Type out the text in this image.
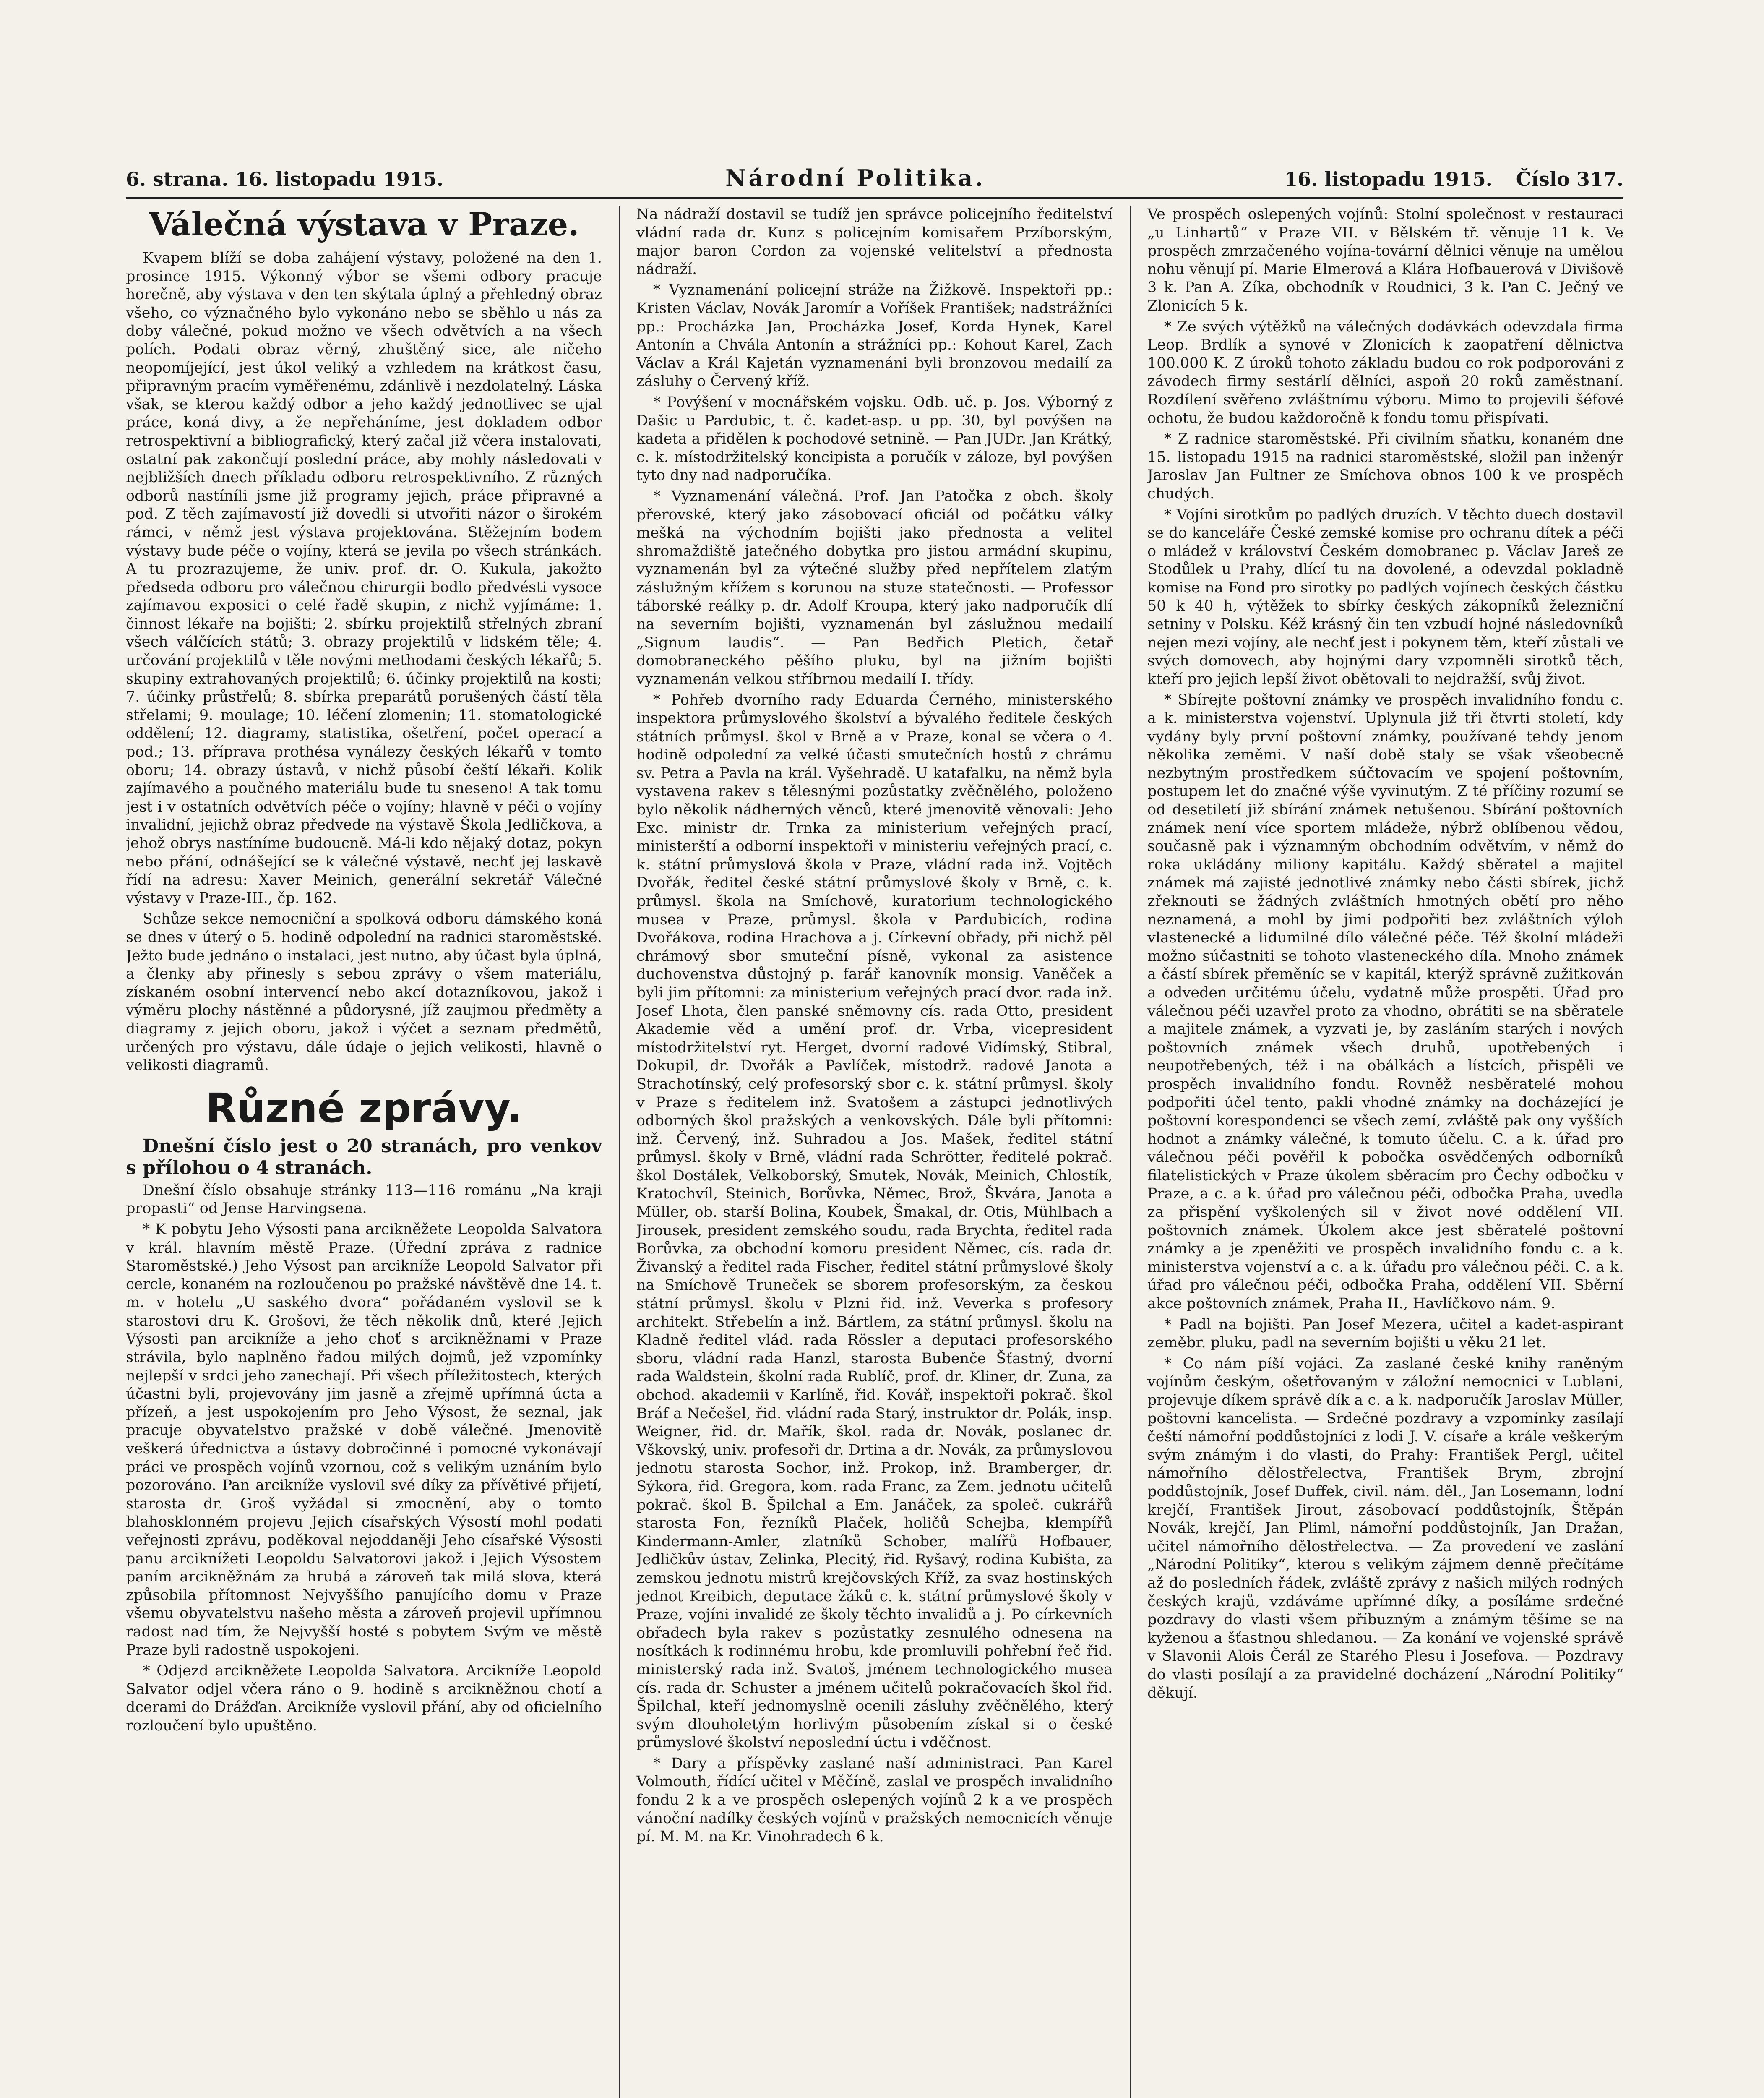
6. strana. 16. listopadu 1915.	Národní Politika.	16. listopadu 1915. Číslo 317.
Válečná výstava v Praze.

Kvapem blíží se doba zahájení výstavy, položené na den 1. prosince 1915. Výkonný výbor se všemi odbory pracuje horečně, aby výstava v den ten skýtala úplný a přehledný obraz všeho, co význačného bylo vykonáno nebo se sběhlo u nás za doby válečné, pokud možno ve všech odvětvích a na všech polích. Podati obraz věrný, zhuštěný sice, ale ničeho neopomíjející, jest úkol veliký a vzhledem na krátkost času, připravným pracím vyměřenému, zdánlivě i nezdolatelný. Láska však, se kterou každý odbor a jeho každý jednotlivec se ujal práce, koná divy, a že nepřeháníme, jest dokladem odbor retrospektivní a bibliografický, který začal již včera instalovati, ostatní pak zakončují poslední práce, aby mohly následovati v nejbližších dnech příkladu odboru retrospektivního. Z různých odborů nastíníli jsme již programy jejich, práce připravné a pod. Z těch zajímavostí již dovedli si utvořiti názor o širokém rámci, v němž jest výstava projektována. Stěžejním bodem výstavy bude péče o vojíny, která se jevila po všech stránkách. A tu prozrazujeme, že univ. prof. dr. O. Kukula, jakožto předseda odboru pro válečnou chirurgii bodlo předvésti vysoce zajímavou exposici o celé řadě skupin, z nichž vyjímáme: 1. činnost lékaře na bojišti; 2. sbírku projektilů střelných zbraní všech válčících států; 3. obrazy projektilů v lidském těle; 4. určování projektilů v těle novými methodami českých lékařů; 5. skupiny extrahovaných projektilů; 6. účinky projektilů na kosti; 7. účinky průstřelů; 8. sbírka preparátů porušených částí těla střelami; 9. moulage; 10. léčení zlomenin; 11. stomatologické oddělení; 12. diagramy, statistika, ošetření, počet operací a pod.; 13. příprava prothésa vynálezy českých lékařů v tomto oboru; 14. obrazy ústavů, v nichž působí čeští lékaři. Kolik zajímavého a poučného materiálu bude tu sneseno! A tak tomu jest i v ostatních odvětvích péče o vojíny; hlavně v péči o vojíny invalidní, jejichž obraz předvede na výstavě Škola Jedličkova, a jehož obrys nastíníme budoucně. Má-li kdo nějaký dotaz, pokyn nebo přání, odnášející se k válečné výstavě, nechť jej laskavě řídí na adresu: Xaver Meinich, generální sekretář Válečné výstavy v Praze-III., čp. 162.

Schůze sekce nemocniční a spolková odboru dámského koná se dnes v úterý o 5. hodině odpolední na radnici staroměstské. Ježto bude jednáno o instalaci, jest nutno, aby účast byla úplná, a členky aby přinesly s sebou zprávy o všem materiálu, získaném osobní intervencí nebo akcí dotazníkovou, jakož i výměru plochy nástěnné a půdorysné, jíž zaujmou předměty a diagramy z jejich oboru, jakož i výčet a seznam předmětů, určených pro výstavu, dále údaje o jejich velikosti, hlavně o velikosti diagramů.

Různé zprávy.

Dnešní číslo jest o 20 stranách, pro venkov s přílohou o 4 stranách.

Dnešní číslo obsahuje stránky 113—116 románu „Na kraji propasti“ od Jense Harvingsena.

* K pobytu Jeho Výsosti pana arcikněžete Leopolda Salvatora v král. hlavním městě Praze. (Úřední zpráva z radnice Staroměstské.) Jeho Výsost pan arcikníže Leopold Salvator při cercle, konaném na rozloučenou po pražské návštěvě dne 14. t. m. v hotelu „U saského dvora“ pořádaném vyslovil se k starostovi dru K. Grošovi, že těch několik dnů, které Jejich Výsosti pan arcikníže a jeho choť s arcikněžnami v Praze strávila, bylo naplněno řadou milých dojmů, jež vzpomínky nejlepší v srdci jeho zanechají. Při všech příležitostech, kterých účastni byli, projevovány jim jasně a zřejmě upřímná úcta a přízeň, a jest uspokojením pro Jeho Výsost, že seznal, jak pracuje obyvatelstvo pražské v době válečné. Jmenovitě veškerá úřednictva a ústavy dobročinné i pomocné vykonávají práci ve prospěch vojínů vzornou, což s velikým uznáním bylo pozorováno. Pan arcikníže vyslovil své díky za přívětivé přijetí, starosta dr. Groš vyžádal si zmocnění, aby o tomto blahosklonném projevu Jejich císařských Výsostí mohl podati veřejnosti zprávu, poděkoval nejoddaněji Jeho císařské Výsosti panu arciknížeti Leopoldu Salvatorovi jakož i Jejich Výsostem paním arcikněžnám za hrubá a zároveň tak milá slova, která způsobila přítomnost Nejvyššího panujícího domu v Praze všemu obyvatelstvu našeho města a zároveň projevil upřímnou radost nad tím, že Nejvyšší hosté s pobytem Svým ve městě Praze byli radostně uspokojeni.

* Odjezd arcikněžete Leopolda Salvatora. Arcikníže Leopold Salvator odjel včera ráno o 9. hodině s arcikněžnou chotí a dcerami do Drážďan. Arcikníže vyslovil přání, aby od oficielního rozloučení bylo upuštěno.

Na nádraží dostavil se tudíž jen správce policejního ředitelství vládní rada dr. Kunz s policejním komisařem Przíborským, major baron Cordon za vojenské velitelství a přednosta nádraží.

* Vyznamenání policejní stráže na Žižkově. Inspektoři pp.: Kristen Václav, Novák Jaromír a Voříšek František; nadstrážníci pp.: Procházka Jan, Procházka Josef, Korda Hynek, Karel Antonín a Chvála Antonín a strážníci pp.: Kohout Karel, Zach Václav a Král Kajetán vyznamenáni byli bronzovou medailí za zásluhy o Červený kříž.

* Povýšení v mocnářském vojsku. Odb. uč. p. Jos. Výborný z Dašic u Pardubic, t. č. kadet-asp. u pp. 30, byl povýšen na kadeta a přidělen k pochodové setnině. — Pan JUDr. Jan Krátký, c. k. místodržitelský koncipista a poručík v záloze, byl povýšen tyto dny nad nadporučíka.

* Vyznamenání válečná. Prof. Jan Patočka z obch. školy přerovské, který jako zásobovací oficiál od počátku války mešká na východním bojišti jako přednosta a velitel shromaždiště jatečného dobytka pro jistou armádní skupinu, vyznamenán byl za výtečné služby před nepřítelem zlatým záslužným křížem s korunou na stuze statečnosti. — Professor táborské reálky p. dr. Adolf Kroupa, který jako nadporučík dlí na severním bojišti, vyznamenán byl záslužnou medailí „Signum laudis“. — Pan Bedřich Pletich, četař domobraneckého pěšího pluku, byl na jižním bojišti vyznamenán velkou stříbrnou medailí I. třídy.

* Pohřeb dvorního rady Eduarda Černého, ministerského inspektora průmyslového školství a bývalého ředitele českých státních průmysl. škol v Brně a v Praze, konal se včera o 4. hodině odpolední za velké účasti smutečních hostů z chrámu sv. Petra a Pavla na král. Vyšehradě. U katafalku, na němž byla vystavena rakev s tělesnými pozůstatky zvěčnělého, položeno bylo několik nádherných věnců, které jmenovitě věnovali: Jeho Exc. ministr dr. Trnka za ministerium veřejných prací, ministerští a odborní inspektoři v ministeriu veřejných prací, c. k. státní průmyslová škola v Praze, vládní rada inž. Vojtěch Dvořák, ředitel české státní průmyslové školy v Brně, c. k. průmysl. škola na Smíchově, kuratorium technologického musea v Praze, průmysl. škola v Pardubicích, rodina Dvořákova, rodina Hrachova a j. Církevní obřady, při nichž pěl chrámový sbor smuteční písně, vykonal za asistence duchovenstva důstojný p. farář kanovník monsig. Vaněček a byli jim přítomni: za ministerium veřejných prací dvor. rada inž. Josef Lhota, člen panské sněmovny cís. rada Otto, president Akademie věd a umění prof. dr. Vrba, vicepresident místodržitelství ryt. Herget, dvorní radové Vidímský, Stibral, Dokupil, dr. Dvořák a Pavlíček, místodrž. radové Janota a Strachotínský, celý profesorský sbor c. k. státní průmysl. školy v Praze s ředitelem inž. Svatošem a zástupci jednotlivých odborných škol pražských a venkovských. Dále byli přítomni: inž. Červený, inž. Suhradou a Jos. Mašek, ředitel státní průmysl. školy v Brně, vládní rada Schrötter, ředitelé pokrač. škol Dostálek, Velkoborský, Smutek, Novák, Meinich, Chlostík, Kratochvíl, Steinich, Borůvka, Němec, Brož, Škvára, Janota a Müller, ob. starší Bolina, Koubek, Šmakal, dr. Otis, Mühlbach a Jirousek, president zemského soudu, rada Brychta, ředitel rada Borůvka, za obchodní komoru president Němec, cís. rada dr. Živanský a ředitel rada Fischer, ředitel státní průmyslové školy na Smíchově Truneček se sborem profesorským, za českou státní průmysl. školu v Plzni řid. inž. Veverka s profesory architekt. Střebelín a inž. Bártlem, za státní průmysl. školu na Kladně ředitel vlád. rada Rössler a deputaci profesorského sboru, vládní rada Hanzl, starosta Bubenče Šťastný, dvorní rada Waldstein, školní rada Rublíč, prof. dr. Kliner, dr. Zuna, za obchod. akademii v Karlíně, řid. Kovář, inspektoři pokrač. škol Bráf a Nečešel, řid. vládní rada Starý, instruktor dr. Polák, insp. Weigner, řid. dr. Mařík, škol. rada dr. Novák, poslanec dr. Vškovský, univ. profesoři dr. Drtina a dr. Novák, za průmyslovou jednotu starosta Sochor, inž. Prokop, inž. Bramberger, dr. Sýkora, řid. Gregora, kom. rada Franc, za Zem. jednotu učitelů pokrač. škol B. Špilchal a Em. Janáček, za společ. cukrářů starosta Fon, řezníků Plaček, holičů Schejba, klempířů Kindermann-Amler, zlatníků Schober, malířů Hofbauer, Jedličkův ústav, Zelinka, Plecitý, řid. Ryšavý, rodina Kubišta, za zemskou jednotu mistrů krejčovských Kříž, za svaz hostinských jednot Kreibich, deputace žáků c. k. státní průmyslové školy v Praze, vojíni invalidé ze školy těchto invalidů a j. Po církevních obřadech byla rakev s pozůstatky zesnulého odnesena na nosítkách k rodinnému hrobu, kde promluvili pohřební řeč řid. ministerský rada inž. Svatoš, jménem technologického musea cís. rada dr. Schuster a jménem učitelů pokračovacích škol řid. Špilchal, kteří jednomyslně ocenili zásluhy zvěčnělého, který svým dlouholetým horlivým působením získal si o české průmyslové školství neposlední úctu i vděčnost.

* Dary a příspěvky zaslané naší administraci. Pan Karel Volmouth, řídící učitel v Měčíně, zaslal ve prospěch invalidního fondu 2 k a ve prospěch oslepených vojínů 2 k a ve prospěch vánoční nadílky českých vojínů v pražských nemocnicích věnuje pí. M. M. na Kr. Vinohradech 6 k.

Ve prospěch oslepených vojínů: Stolní společnost v restauraci „u Linhartů“ v Praze VII. v Bělském tř. věnuje 11 k. Ve prospěch zmrzačeného vojína-tovární dělnici věnuje na umělou nohu věnují pí. Marie Elmerová a Klára Hofbauerová v Divišově 3 k. Pan A. Zíka, obchodník v Roudnici, 3 k. Pan C. Ječný ve Zlonicích 5 k.

* Ze svých výtěžků na válečných dodávkách odevzdala firma Leop. Brdlík a synové v Zlonicích k zaopatření dělnictva 100.000 K. Z úroků tohoto základu budou co rok podporováni z závodech firmy sestárlí dělníci, aspoň 20 roků zaměstnaní. Rozdílení svěřeno zvláštnímu výboru. Mimo to projevili šéfové ochotu, že budou každoročně k fondu tomu přispívati.

* Z radnice staroměstské. Při civilním sňatku, konaném dne 15. listopadu 1915 na radnici staroměstské, složil pan inženýr Jaroslav Jan Fultner ze Smíchova obnos 100 k ve prospěch chudých.

* Vojíni sirotkům po padlých druzích. V těchto duech dostavil se do kanceláře České zemské komise pro ochranu dítek a péči o mládež v království Českém domobranec p. Václav Jareš ze Stodůlek u Prahy, dlící tu na dovolené, a odevzdal pokladně komise na Fond pro sirotky po padlých vojínech českých částku 50 k 40 h, výtěžek to sbírky českých zákopníků železniční setniny v Polsku. Kéž krásný čin ten vzbudí hojné následovníků nejen mezi vojíny, ale nechť jest i pokynem těm, kteří zůstali ve svých domovech, aby hojnými dary vzpomněli sirotků těch, kteří pro jejich lepší život obětovali to nejdražší, svůj život.

* Sbírejte poštovní známky ve prospěch invalidního fondu c. a k. ministerstva vojenství. Uplynula již tři čtvrti století, kdy vydány byly první poštovní známky, používané tehdy jenom několika zeměmi. V naší době staly se však všeobecně nezbytným prostředkem súčtovacím ve spojení poštovním, postupem let do značné výše vyvinutým. Z té příčiny rozumí se od desetiletí již sbírání známek netušenou. Sbírání poštovních známek není více sportem mládeže, nýbrž oblíbenou vědou, současně pak i významným obchodním odvětvím, v němž do roka ukládány miliony kapitálu. Každý sběratel a majitel známek má zajisté jednotlivé známky nebo části sbírek, jichž zřeknouti se žádných zvláštních hmotných obětí pro něho neznamená, a mohl by jimi podpořiti bez zvláštních výloh vlastenecké a lidumilné dílo válečné péče. Též školní mládeži možno súčastniti se tohoto vlasteneckého díla. Mnoho známek a částí sbírek přeměníc se v kapitál, kterýž správně zužitkován a odveden určitému účelu, vydatně může prospěti. Úřad pro válečnou péči uzavřel proto za vhodno, obrátiti se na sběratele a majitele známek, a vyzvati je, by zasláním starých i nových poštovních známek všech druhů, upotřebených i neupotřebených, též i na obálkách a lístcích, přispěli ve prospěch invalidního fondu. Rovněž nesběratelé mohou podpořiti účel tento, pakli vhodné známky na docházející je poštovní korespondenci se všech zemí, zvláště pak ony vyšších hodnot a známky válečné, k tomuto účelu. C. a k. úřad pro válečnou péči pověřil k pobočka osvědčených odborníků filatelistických v Praze úkolem sběracím pro Čechy odbočku v Praze, a c. a k. úřad pro válečnou péči, odbočka Praha, uvedla za přispění vyškolených sil v život nové oddělení VII. poštovních známek. Úkolem akce jest sběratelé poštovní známky a je zpeněžiti ve prospěch invalidního fondu c. a k. ministerstva vojenství a c. a k. úřadu pro válečnou péči. C. a k. úřad pro válečnou péči, odbočka Praha, oddělení VII. Sběrní akce poštovních známek, Praha II., Havlíčkovo nám. 9.

* Padl na bojišti. Pan Josef Mezera, učitel a kadet-aspirant zeměbr. pluku, padl na severním bojišti u věku 21 let.

* Co nám píší vojáci. Za zaslané české knihy raněným vojínům českým, ošetřovaným v záložní nemocnici v Lublani, projevuje díkem správě dík a c. a k. nadporučík Jaroslav Müller, poštovní kancelista. — Srdečné pozdravy a vzpomínky zasílají čeští námořní poddůstojníci z lodi J. V. císaře a krále veškerým svým známým i do vlasti, do Prahy: František Pergl, učitel námořního dělostřelectva, František Brym, zbrojní poddůstojník, Josef Duffek, civil. nám. děl., Jan Losemann, lodní krejčí, František Jirout, zásobovací poddůstojník, Štěpán Novák, krejčí, Jan Pliml, námořní poddůstojník, Jan Dražan, učitel námořního dělostřelectva. — Za provedení ve zaslání „Národní Politiky“, kterou s velikým zájmem denně přečítáme až do posledních řádek, zvláště zprávy z našich milých rodných českých krajů, vzdáváme upřímné díky, a posíláme srdečné pozdravy do vlasti všem příbuzným a známým těšíme se na kyženou a šťastnou shledanou. — Za konání ve vojenské správě v Slavonii Alois Čerál ze Starého Plesu i Josefova. — Pozdravy do vlasti posílají a za pravidelné docházení „Národní Politiky“ děkují.
